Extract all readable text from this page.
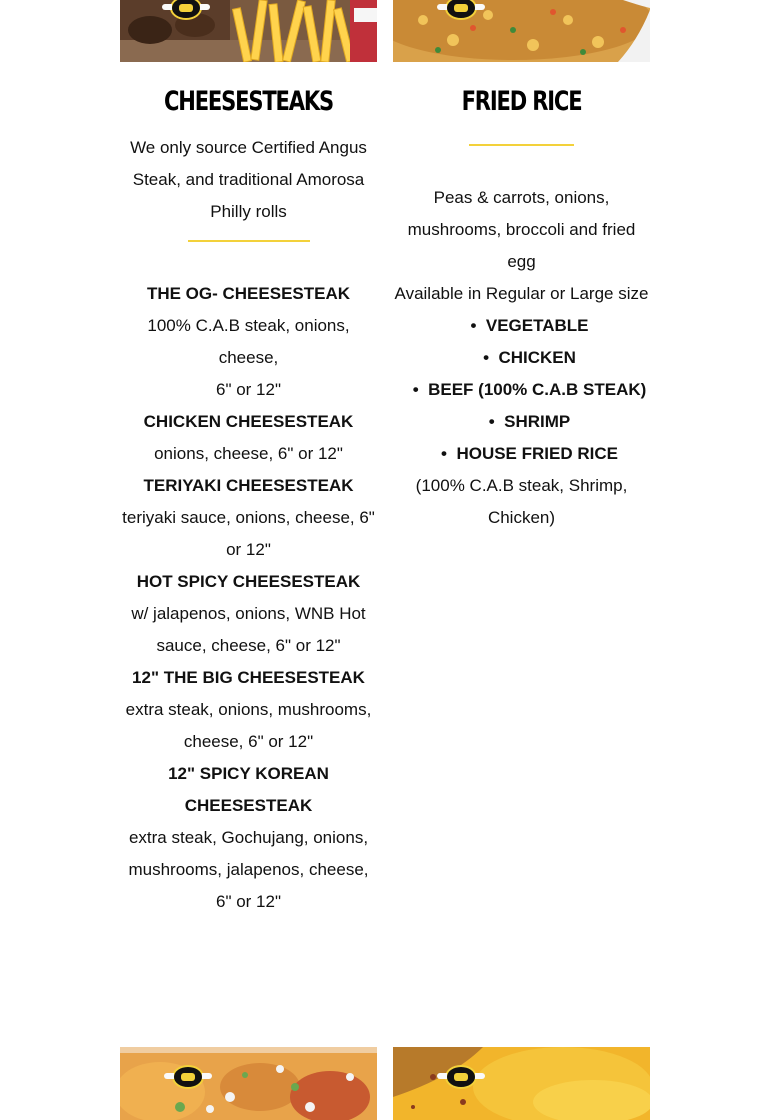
CHEESESTEAKS
We only source Certified Angus
Steak, and traditional Amorosa
Philly rolls
THE OG- CHEESESTEAK
100% C.A.B steak, onions, cheese,
6" or 12"
CHICKEN CHEESESTEAK
onions, cheese, 6" or 12"
TERIYAKI CHEESESTEAK
teriyaki sauce, onions, cheese, 6"
or 12"
HOT SPICY CHEESESTEAK
w/ jalapenos, onions, WNB Hot
sauce, cheese, 6" or 12"
12" THE BIG CHEESESTEAK
extra steak, onions, mushrooms,
cheese, 6" or 12"
12" SPICY KOREAN
CHEESESTEAK
extra steak, Gochujang, onions,
mushrooms, jalapenos, cheese,
6" or 12"
FRIED RICE
Peas & carrots, onions,
mushrooms, broccoli and fried
egg
Available in Regular or Large size
•  VEGETABLE
•  CHICKEN
•  BEEF (100% C.A.B STEAK)
•  SHRIMP
•  HOUSE FRIED RICE
(100% C.A.B steak, Shrimp,
Chicken)
